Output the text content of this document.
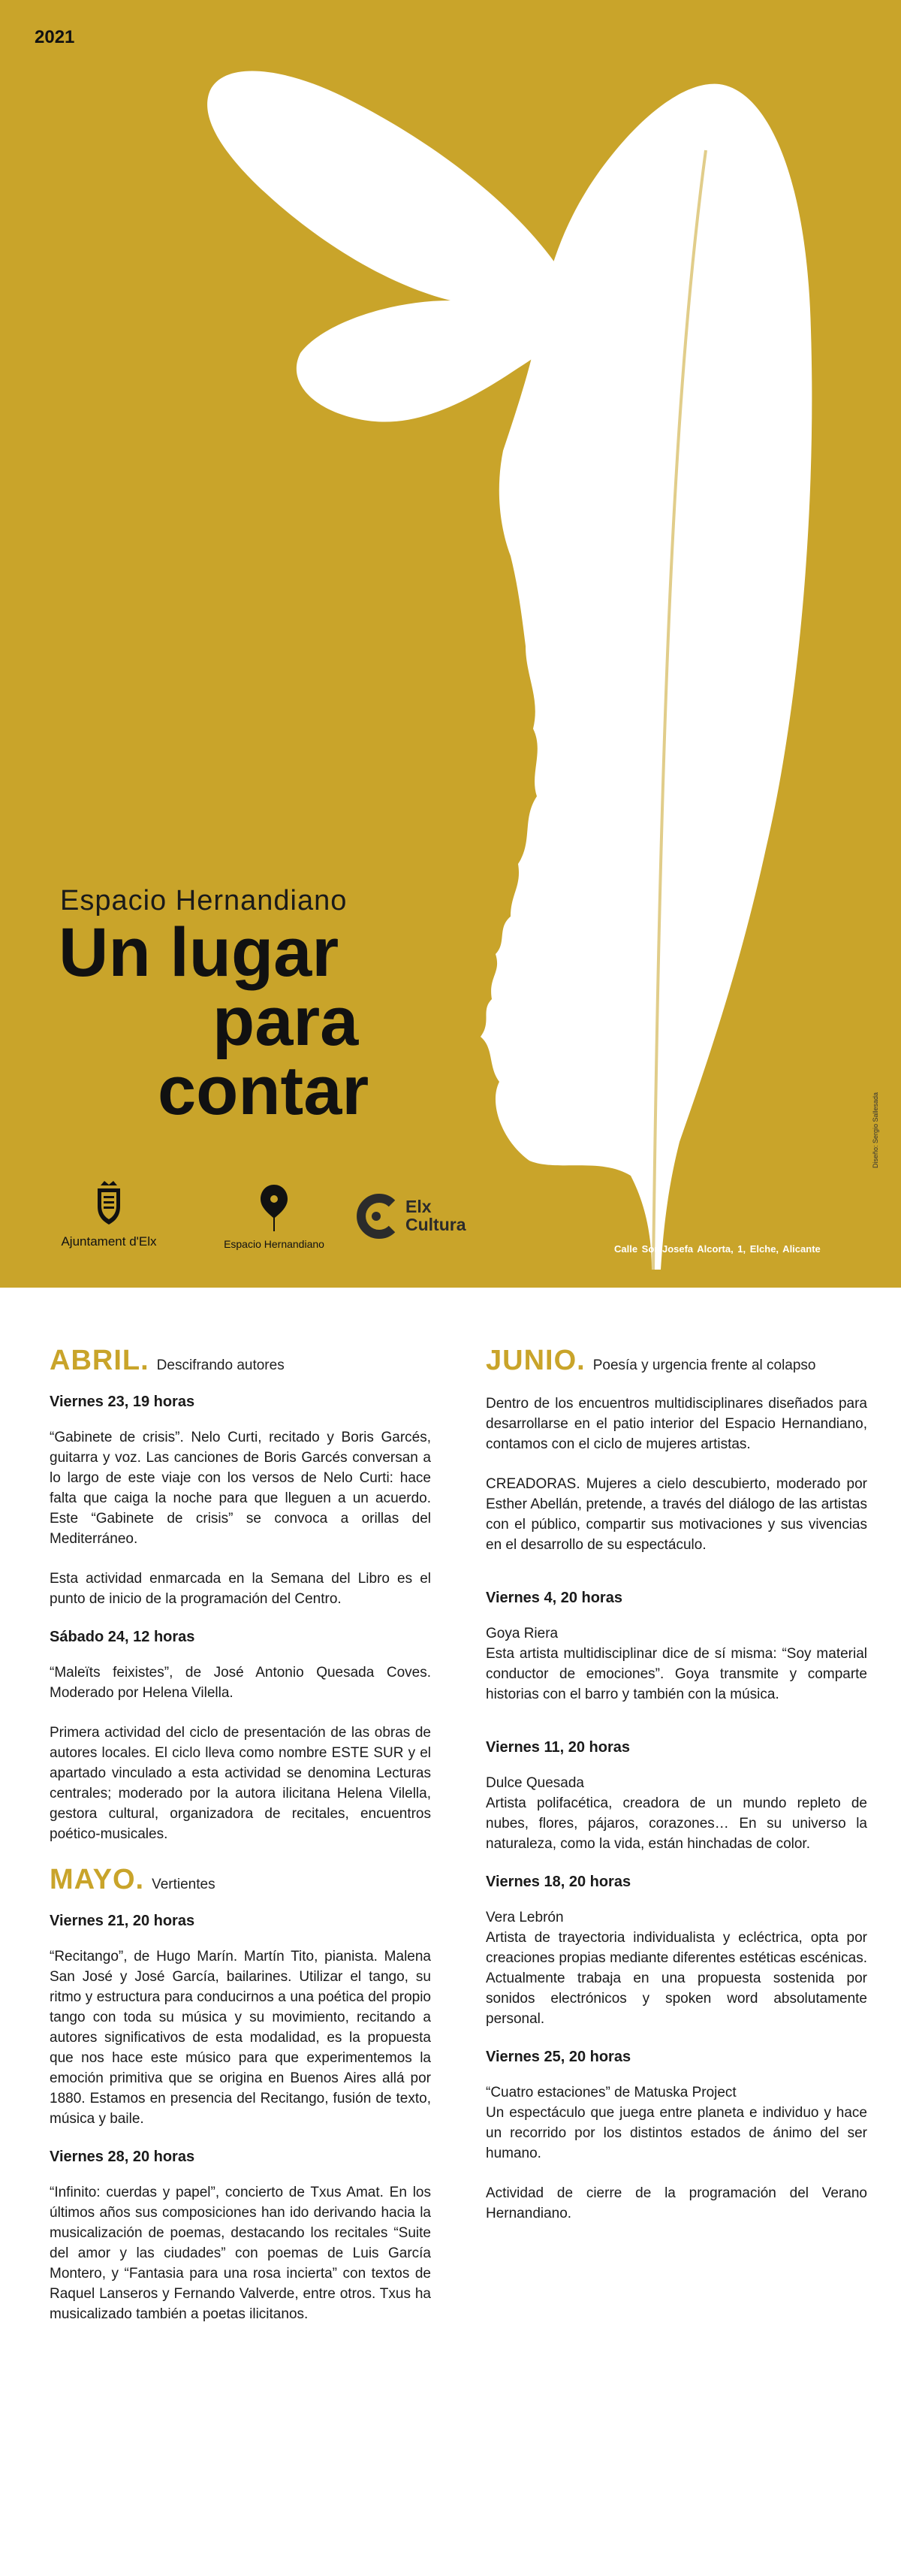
2021
Espacio Hernandiano
Un lugar
para
contar
Ajuntament d'Elx	Espacio Hernandiano
Elx
Cultura
Calle Sor Josefa Alcorta, 1, Elche, Alicante
Diseño: Sergio Sallesada
ABRIL. Descifrando autores
Viernes 23, 19 horas

“Gabinete de crisis”. Nelo Curti, recitado y Boris Garcés, guitarra y voz. Las canciones de Boris Garcés conversan a lo largo de este viaje con los versos de Nelo Curti: hace falta que caiga la noche para que lleguen a un acuerdo. Este “Gabinete de crisis” se convoca a orillas del Mediterráneo.

Esta actividad enmarcada en la Semana del Libro es el punto de inicio de la programación del Centro.

Sábado 24, 12 horas

“Maleïts feixistes”, de José Antonio Quesada Coves. Moderado por Helena Vilella.

Primera actividad del ciclo de presentación de las obras de autores locales. El ciclo lleva como nombre ESTE SUR y el apartado vinculado a esta actividad se denomina Lecturas centrales; moderado por la autora ilicitana Helena Vilella, gestora cultural, organizadora de recitales, encuentros poético-musicales.

MAYO. Vertientes
Viernes 21, 20 horas

“Recitango”, de Hugo Marín. Martín Tito, pianista. Malena San José y José García, bailarines. Utilizar el tango, su ritmo y estructura para conducirnos a una poética del propio tango con toda su música y su movimiento, recitando a autores significativos de esta modalidad, es la propuesta que nos hace este músico para que experimentemos la emoción primitiva que se origina en Buenos Aires allá por 1880. Estamos en presencia del Recitango, fusión de texto, música y baile.

Viernes 28, 20 horas

“Infinito: cuerdas y papel”, concierto de Txus Amat. En los últimos años sus composiciones han ido derivando hacia la musicalización de poemas, destacando los recitales “Suite del amor y las ciudades” con poemas de Luis García Montero, y “Fantasia para una rosa incierta” con textos de Raquel Lanseros y Fernando Valverde, entre otros. Txus ha musicalizado también a poetas ilicitanos.

JUNIO. Poesía y urgencia frente al colapso

Dentro de los encuentros multidisciplinares diseñados para desarrollarse en el patio interior del Espacio Hernandiano, contamos con el ciclo de mujeres artistas.

CREADORAS. Mujeres a cielo descubierto, moderado por Esther Abellán, pretende, a través del diálogo de las artistas con el público, compartir sus motivaciones y sus vivencias en el desarrollo de su espectáculo.

Viernes 4, 20 horas

Goya Riera

Esta artista multidisciplinar dice de sí misma: “Soy material conductor de emociones”. Goya transmite y comparte historias con el barro y también con la música.

Viernes 11, 20 horas

Dulce Quesada

Artista polifacética, creadora de un mundo repleto de nubes, flores, pájaros, corazones… En su universo la naturaleza, como la vida, están hinchadas de color.

Viernes 18, 20 horas

Vera Lebrón

Artista de trayectoria individualista y ecléctrica, opta por creaciones propias mediante diferentes estéticas escénicas. Actualmente trabaja en una propuesta sostenida por sonidos electrónicos y spoken word absolutamente personal.

Viernes 25, 20 horas

“Cuatro estaciones” de Matuska Project

Un espectáculo que juega entre planeta e individuo y hace un recorrido por los distintos estados de ánimo del ser humano.

Actividad de cierre de la programación del Verano Hernandiano.
